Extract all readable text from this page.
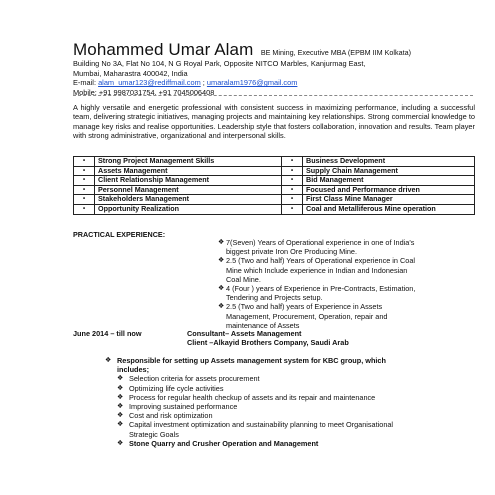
Mohammed Umar Alam BE Mining, Executive MBA (EPBM IIM Kolkata)
Building No 3A, Flat No 104, N G Royal Park, Opposite NITCO Marbles, Kanjurmag East,
Mumbai, Maharastra 400042, India
E-mail: alam_umar123@rediffmail.com ; umaralam1976@gmail.com
Mobile: +91 9987031754, +91 7045006408
A highly versatile and energetic professional with consistent success in maximizing performance, including a successful team, delivering strategic initiatives, managing projects and maintaining key relationships. Strong commercial knowledge to manage key risks and realise opportunities. Leadership style that fosters collaboration, innovation and results. Team player with strong administrative, organizational and interpersonal skills.
•	Strong Project Management Skills	•	Business Development
•	Assets Management	•	Supply Chain Management
•	Client Relationship Management	•	Bid Management
•	Personnel Management	•	Focused and Performance driven
•	Stakeholders Management	•	First Class Mine Manager
•	Opportunity Realization	•	Coal and Metalliferous Mine operation
PRACTICAL EXPERIENCE:
❖ 7(Seven) Years of Operational experience in one of India's biggest private Iron Ore Producing Mine.
❖ 2.5 (Two and half) Years of Operational experience in Coal Mine which Include experience in Indian and Indonesian Coal Mine.
❖ 4 (Four ) years of Experience in Pre-Contracts, Estimation, Tendering and Projects setup.
❖ 2.5 (Two and half) years of Experience in Assets Management, Procurement, Operation, repair and maintenance of Assets
June 2014 – till now	Consultant– Assets Management
Client –Alkayid Brothers Company, Saudi Arab
❖ Responsible for setting up Assets management system for KBC group, which includes;
❖ Selection criteria for assets procurement
❖ Optimizing life cycle activities
❖ Process for regular health checkup of assets and its repair and maintenance
❖ Improving sustained performance
❖ Cost and risk optimization
❖ Capital investment optimization and sustainability planning to meet Organisational Strategic Goals
❖ Stone Quarry and Crusher Operation and Management
